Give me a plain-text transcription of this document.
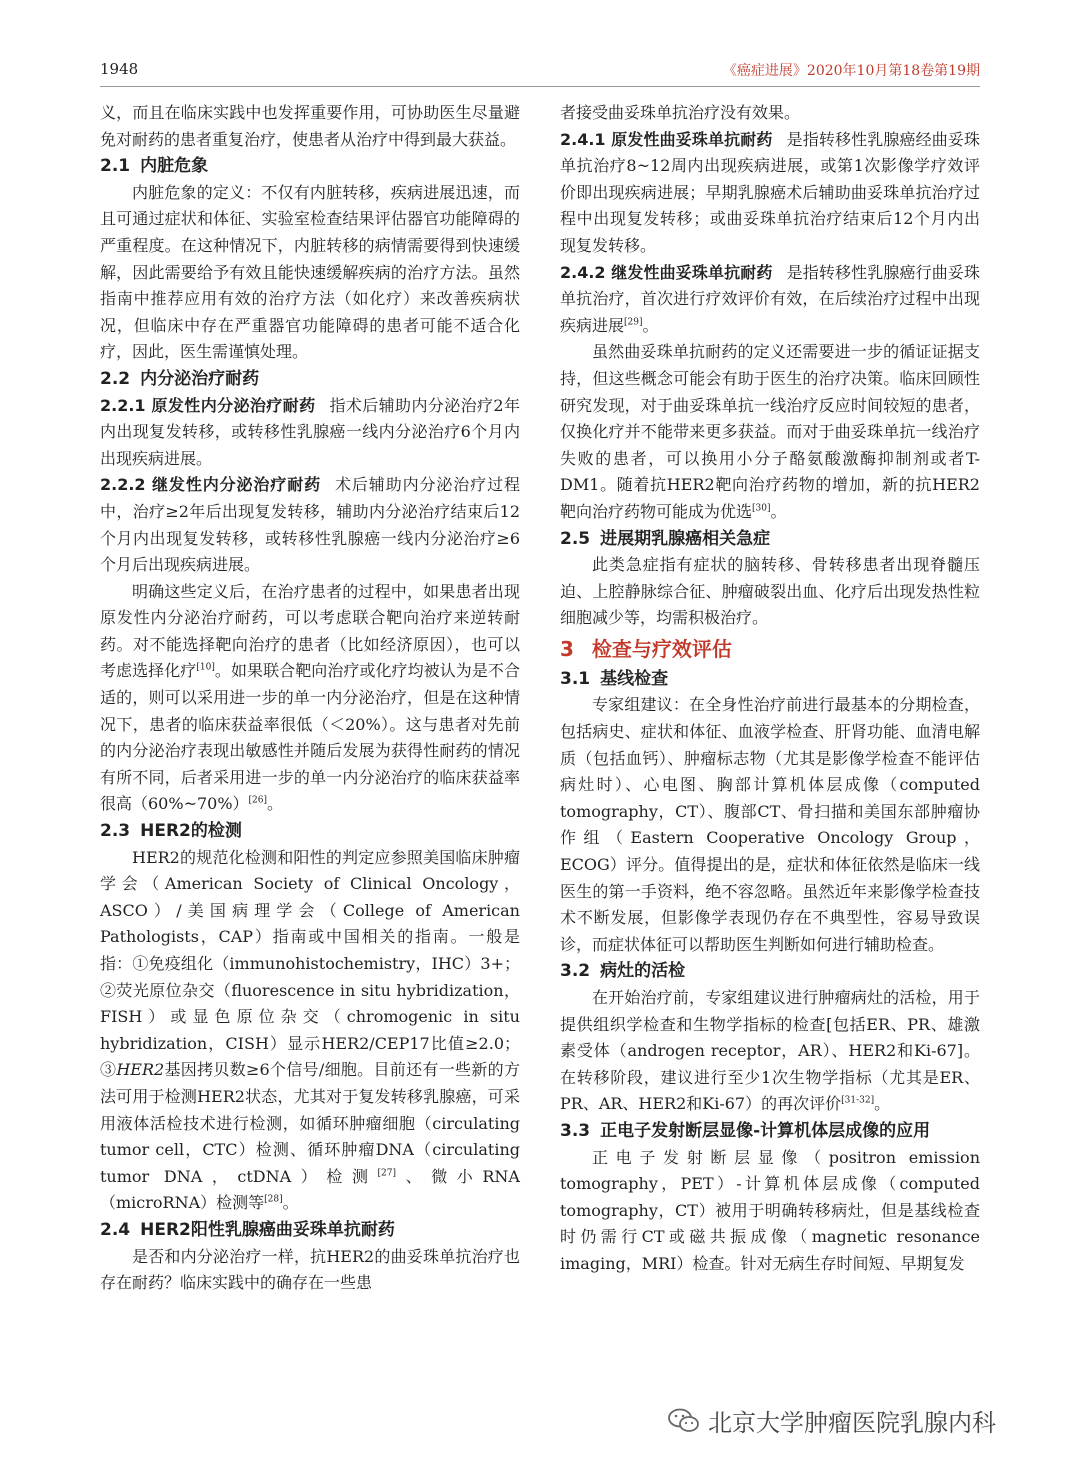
1948	《癌症进展》2020年10月第18卷第19期

义，而且在临床实践中也发挥重要作用，可协助医生尽量避免对耐药的患者重复治疗，使患者从治疗中得到最大获益。

2.1 内脏危象

内脏危象的定义：不仅有内脏转移，疾病进展迅速，而且可通过症状和体征、实验室检查结果评估器官功能障碍的严重程度。在这种情况下，内脏转移的病情需要得到快速缓解，因此需要给予有效且能快速缓解疾病的治疗方法。虽然指南中推荐应用有效的治疗方法（如化疗）来改善疾病状况，但临床中存在严重器官功能障碍的患者可能不适合化疗，因此，医生需谨慎处理。

2.2 内分泌治疗耐药

2.2.1 原发性内分泌治疗耐药 指术后辅助内分泌治疗2年内出现复发转移，或转移性乳腺癌一线内分泌治疗6个月内出现疾病进展。

2.2.2 继发性内分泌治疗耐药 术后辅助内分泌治疗过程中，治疗≥2年后出现复发转移，辅助内分泌治疗结束后12个月内出现复发转移，或转移性乳腺癌一线内分泌治疗≥6个月后出现疾病进展。

明确这些定义后，在治疗患者的过程中，如果患者出现原发性内分泌治疗耐药，可以考虑联合靶向治疗来逆转耐药。对不能选择靶向治疗的患者（比如经济原因），也可以考虑选择化疗[10]。如果联合靶向治疗或化疗均被认为是不合适的，则可以采用进一步的单一内分泌治疗，但是在这种情况下，患者的临床获益率很低（＜20%）。这与患者对先前的内分泌治疗表现出敏感性并随后发展为获得性耐药的情况有所不同，后者采用进一步的单一内分泌治疗的临床获益率很高（60%~70%）[26]。

2.3 HER2的检测

HER2的规范化检测和阳性的判定应参照美国临床肿瘤学会（American Society of Clinical Oncology，ASCO）/美国病理学会（College of American Pathologists，CAP）指南或中国相关的指南。一般是指：①免疫组化（immunohistochemistry，IHC）3+；②荧光原位杂交（fluorescence in situ hybridization，FISH）或显色原位杂交（chromogenic in situ hybridization，CISH）显示HER2/CEP17比值≥2.0；③HER2基因拷贝数≥6个信号/细胞。目前还有一些新的方法可用于检测HER2状态，尤其对于复发转移乳腺癌，可采用液体活检技术进行检测，如循环肿瘤细胞（circulating tumor cell，CTC）检测、循环肿瘤DNA（circulating tumor DNA，ctDNA）检测[27]、微小RNA（microRNA）检测等[28]。

2.4 HER2阳性乳腺癌曲妥珠单抗耐药

是否和内分泌治疗一样，抗HER2的曲妥珠单抗治疗也存在耐药？临床实践中的确存在一些患

者接受曲妥珠单抗治疗没有效果。

2.4.1 原发性曲妥珠单抗耐药 是指转移性乳腺癌经曲妥珠单抗治疗8~12周内出现疾病进展，或第1次影像学疗效评价即出现疾病进展；早期乳腺癌术后辅助曲妥珠单抗治疗过程中出现复发转移；或曲妥珠单抗治疗结束后12个月内出现复发转移。

2.4.2 继发性曲妥珠单抗耐药 是指转移性乳腺癌行曲妥珠单抗治疗，首次进行疗效评价有效，在后续治疗过程中出现疾病进展[29]。

虽然曲妥珠单抗耐药的定义还需要进一步的循证证据支持，但这些概念可能会有助于医生的治疗决策。临床回顾性研究发现，对于曲妥珠单抗一线治疗反应时间较短的患者，仅换化疗并不能带来更多获益。而对于曲妥珠单抗一线治疗失败的患者，可以换用小分子酪氨酸激酶抑制剂或者T-DM1。随着抗HER2靶向治疗药物的增加，新的抗HER2靶向治疗药物可能成为优选[30]。

2.5 进展期乳腺癌相关急症

此类急症指有症状的脑转移、骨转移患者出现脊髓压迫、上腔静脉综合征、肿瘤破裂出血、化疗后出现发热性粒细胞减少等，均需积极治疗。

3 检查与疗效评估
3.1 基线检查

专家组建议：在全身性治疗前进行最基本的分期检查，包括病史、症状和体征、血液学检查、肝肾功能、血清电解质（包括血钙）、肿瘤标志物（尤其是影像学检查不能评估病灶时）、心电图、胸部计算机体层成像（computed tomography，CT）、腹部CT、骨扫描和美国东部肿瘤协作组（Eastern Cooperative Oncology Group，ECOG）评分。值得提出的是，症状和体征依然是临床一线医生的第一手资料，绝不容忽略。虽然近年来影像学检查技术不断发展，但影像学表现仍存在不典型性，容易导致误诊，而症状体征可以帮助医生判断如何进行辅助检查。

3.2 病灶的活检

在开始治疗前，专家组建议进行肿瘤病灶的活检，用于提供组织学检查和生物学指标的检查[包括ER、PR、雄激素受体（androgen receptor，AR）、HER2和Ki-67]。在转移阶段，建议进行至少1次生物学指标（尤其是ER、PR、AR、HER2和Ki-67）的再次评价[31-32]。

3.3 正电子发射断层显像-计算机体层成像的应用

正电子发射断层显像（positron emission tomography，PET）-计算机体层成像（computed tomography，CT）被用于明确转移病灶，但是基线检查时仍需行CT或磁共振成像（magnetic resonance imaging，MRI）检查。针对无病生存时间短、早期复发

北京大学肿瘤医院乳腺内科
